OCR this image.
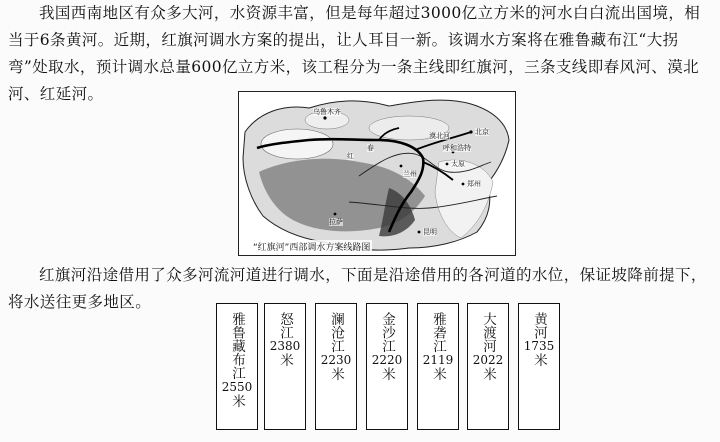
我国西南地区有众多大河，水资源丰富，但是每年超过3000亿立方米的河水白白流出国境，相当于6条黄河。近期，红旗河调水方案的提出，让人耳目一新。该调水方案将在雅鲁藏布江“大拐弯”处取水，预计调水总量600亿立方米，该工程分为一条主线即红旗河，三条支线即春风河、漠北河、红延河。

乌鲁木齐
春
红
北京
漠北河
呼和浩特
太原
郑州
兰州
拉萨
昆明
“红旗河”西部调水方案线路图

红旗河沿途借用了众多河流河道进行调水，下面是沿途借用的各河道的水位，保证坡降前提下，将水送往更多地区。

雅鲁藏布江
2550
米
怒江
2380
米
澜沧江
2230
米
金沙江
2220
米
雅砻江
2119
米
大渡河
2022
米
黄河
1735
米
